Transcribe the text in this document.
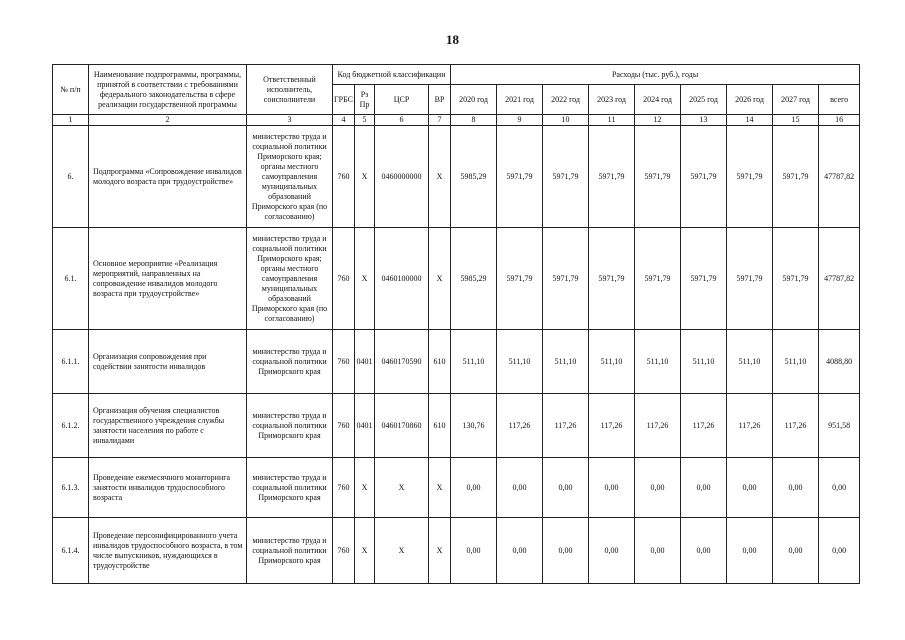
18
№ п/п	Наименование подпрограммы, программы, принятой в соответствии с требованиями федерального законодательства в сфере реализации государственной программы	Ответственный исполнитель, соисполнители	Код бюджетной классификации				Расходы (тыс. руб.), годы								
			ГРБС	Рз Пр	ЦСР	ВР	2020 год	2021 год	2022 год	2023 год	2024 год	2025 год	2026 год	2027 год	всего
1	2	3	4	5	6	7	8	9	10	11	12	13	14	15	16
6.	Подпрограмма «Сопровождение инвалидов молодого возраста при трудоустройстве»	министерство труда и социальной политики Приморского края; органы местного самоуправления муниципальных образований Приморского края (по согласованию)	760	X	0460000000	X	5985,29	5971,79	5971,79	5971,79	5971,79	5971,79	5971,79	5971,79	47787,82
6.1.	Основное мероприятие «Реализация мероприятий, направленных на сопровождение инвалидов молодого возраста при трудоустройстве»	министерство труда и социальной политики Приморского края; органы местного самоуправления муниципальных образований Приморского края (по согласованию)	760	X	0460100000	X	5985,29	5971,79	5971,79	5971,79	5971,79	5971,79	5971,79	5971,79	47787,82
6.1.1.	Организация сопровождения при содействии занятости инвалидов	министерство труда и социальной политики Приморского края	760	0401	0460170590	610	511,10	511,10	511,10	511,10	511,10	511,10	511,10	511,10	4088,80
6.1.2.	Организация обучения специалистов государственного учреждения службы занятости населения по работе с инвалидами	министерство труда и социальной политики Приморского края	760	0401	0460170860	610	130,76	117,26	117,26	117,26	117,26	117,26	117,26	117,26	951,58
6.1.3.	Проведение ежемесячного мониторинга занятости инвалидов трудоспособного возраста	министерство труда и социальной политики Приморского края	760	X	X	X	0,00	0,00	0,00	0,00	0,00	0,00	0,00	0,00	0,00
6.1.4.	Проведение персонифицированного учета инвалидов трудоспособного возраста, в том числе выпускников, нуждающихся в трудоустройстве	министерство труда и социальной политики Приморского края	760	X	X	X	0,00	0,00	0,00	0,00	0,00	0,00	0,00	0,00	0,00
